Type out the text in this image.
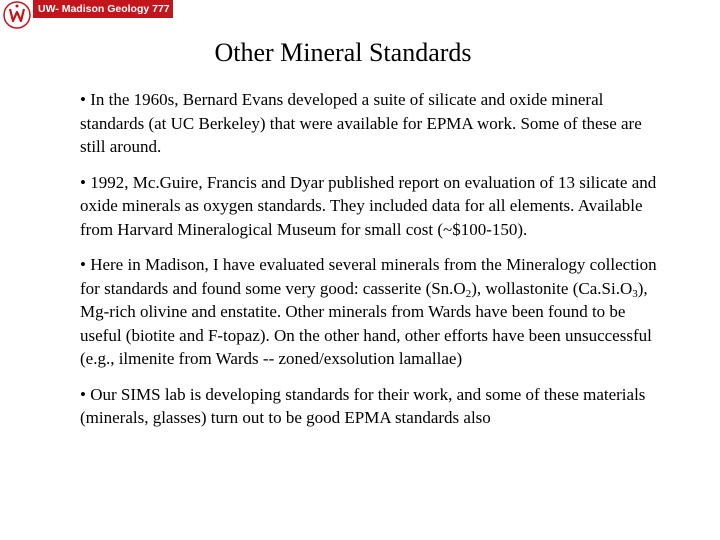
UW- Madison Geology 777
Other Mineral Standards
• In the 1960s, Bernard Evans developed a suite of silicate and oxide mineral standards (at UC Berkeley) that were available for EPMA work. Some of these are still around.
• 1992, Mc.Guire, Francis and Dyar published report on evaluation of 13 silicate and oxide minerals as oxygen standards. They included data for all elements. Available from Harvard Mineralogical Museum for small cost (~$100-150).
• Here in Madison, I have evaluated several minerals from the Mineralogy collection for standards and found some very good: casserite $(Sn.O_2)$, wollastonite $(Ca.Si.O_3)$, Mg-rich olivine and enstatite. Other minerals from Wards have been found to be useful (biotite and F-topaz). On the other hand, other efforts have been unsuccessful (e.g., ilmenite from Wards -- zoned/exsolution lamallae)
• Our SIMS lab is developing standards for their work, and some of these materials (minerals, glasses) turn out to be good EPMA standards also
